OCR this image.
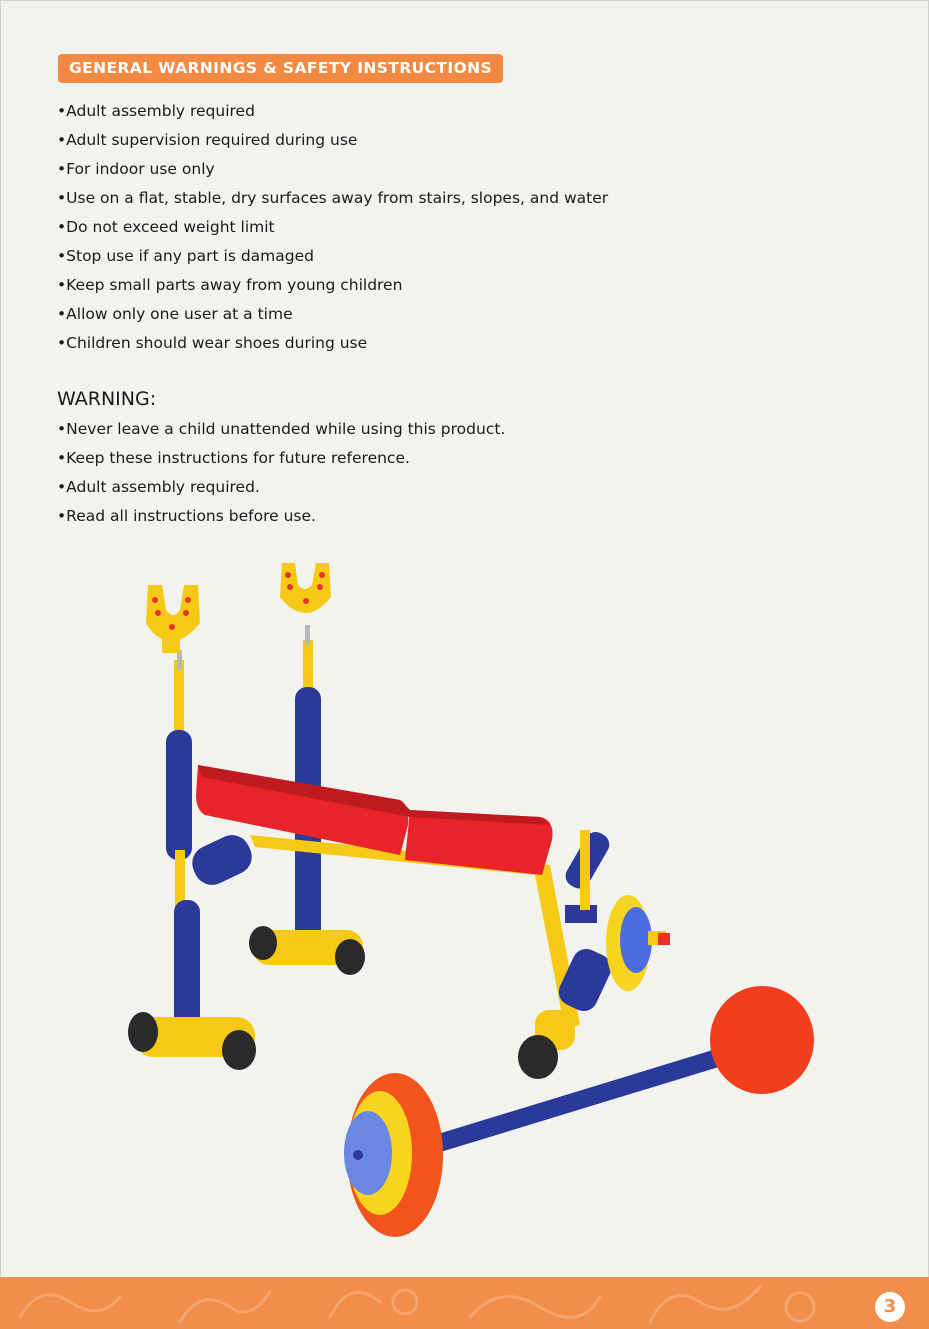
GENERAL WARNINGS & SAFETY INSTRUCTIONS
• Adult assembly required
• Adult supervision required during use
• For indoor use only
• Use on a flat, stable, dry surfaces away from stairs, slopes, and water
• Do not exceed weight limit
• Stop use if any part is damaged
• Keep small parts away from young children
• Allow only one user at a time
• Children should wear shoes during use
WARNING:
• Never leave a child unattended while using this product.
• Keep these instructions for future reference.
• Adult assembly required.
• Read all instructions before use.
3
